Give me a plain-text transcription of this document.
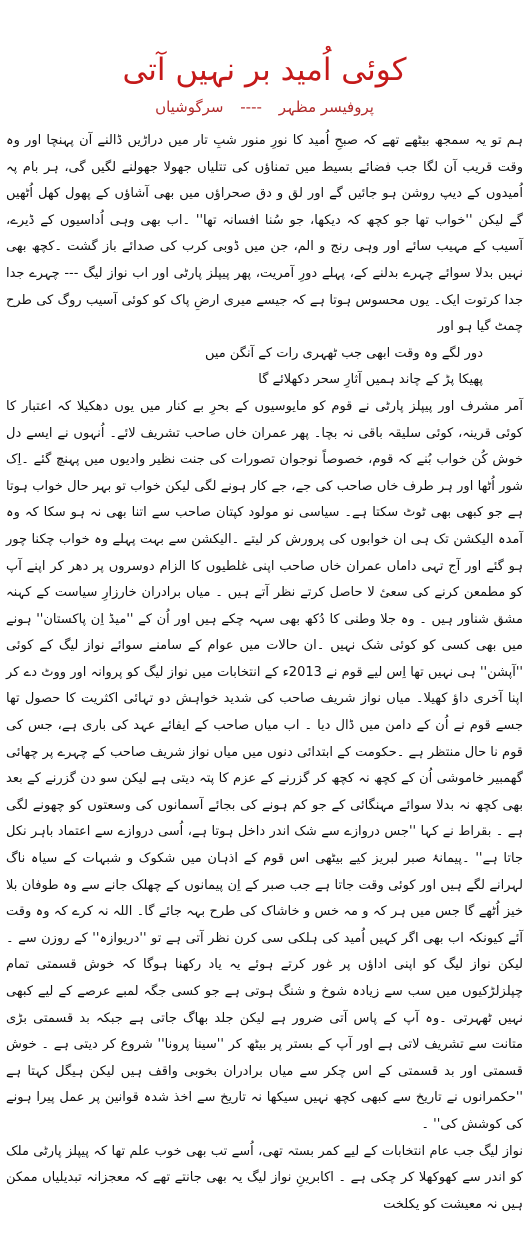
کوئی اُمید بر نہیں آتی
پروفیسر مظہر ---- سرگوشیاں

ہم تو یہ سمجھ بیٹھے تھے کہ صبحِ اُمید کا نورِ منور شبِ تار میں دراڑیں ڈالنے آن پہنچا اور وہ وقت قریب آن لگا جب فضائے بسیط میں تمناؤں کی تتلیاں جھولا جھولنے لگیں گی، ہر بام پہ اُمیدوں کے دیپ روشن ہو جائیں گے اور لق و دق صحراؤں میں بھی آشاؤں کے پھول کھل اُٹھیں گے لیکن ''خواب تھا جو کچھ کہ دیکھا، جو سُنا افسانہ تھا'' ۔اب بھی وہی اُداسیوں کے ڈیرے، آسیب کے مہیب سائے اور وہی رنج و الم، جن میں ڈوبی کرب کی صدائے باز گشت ۔کچھ بھی نہیں بدلا سوائے چہرے بدلنے کے، پہلے دورِ آمریت، پھر پیپلز پارٹی اور اب نواز لیگ --- چہرے جدا جدا کرتوت ایک۔ یوں محسوس ہوتا ہے کہ جیسے میری ارضِ پاک کو کوئی آسیب روگ کی طرح چمٹ گیا ہو اور

دور لگے وہ وقت ابھی جب ٹھہری رات کے آنگن میں

پھیکا پڑ کے چاند ہمیں آثارِ سحر دکھلائے گا

آمر مشرف اور پیپلز پارٹی نے قوم کو مایوسیوں کے بحرِ بے کنار میں یوں دھکیلا کہ اعتبار کا کوئی قرینہ، کوئی سلیقہ باقی نہ بچا۔ پھر عمران خاں صاحب تشریف لائے۔ اُنہوں نے ایسے دل خوش کُن خواب بُنے کہ قوم، خصوصاً نوجوان تصورات کی جنت نظیر وادیوں میں پہنچ گئے ۔اِک شور اُٹھا اور ہر طرف خاں صاحب کی جے، جے کار ہونے لگی لیکن خواب تو بہر حال خواب ہوتا ہے جو کبھی بھی ٹوٹ سکتا ہے۔ سیاسی نو مولود کپتان صاحب سے اتنا بھی نہ ہو سکا کہ وہ آمدہ الیکشن تک ہی ان خوابوں کی پرورش کر لیتے ۔الیکشن سے بہت پہلے وہ خواب چکنا چور ہو گئے اور آج تہی داماں عمران خاں صاحب اپنی غلطیوں کا الزام دوسروں پر دھر کر اپنے آپ کو مطمعن کرنے کی سعیٔ لا حاصل کرتے نظر آتے ہیں ۔ میاں برادران خارزارِ سیاست کے کہنہ مشق شناور ہیں ۔ وہ جلا وطنی کا دُکھ بھی سہہ چکے ہیں اور اُن کے ''میڈ اِن پاکستان'' ہونے میں بھی کسی کو کوئی شک نہیں ۔ان حالات میں عوام کے سامنے سوائے نواز لیگ کے کوئی ''آپشن'' ہی نہیں تھا اِس لیے قوم نے 2013ء کے انتخابات میں نواز لیگ کو پروانہ اور ووٹ دے کر اپنا آخری داؤ کھیلا۔ میاں نواز شریف صاحب کی شدید خواہش دو تہائی اکثریت کا حصول تھا جسے قوم نے اُن کے دامن میں ڈال دیا ۔ اب میاں صاحب کے ایفائے عہد کی باری ہے، جس کی قوم نا حال منتظر ہے ۔حکومت کے ابتدائی دنوں میں میاں نواز شریف صاحب کے چہرے پر چھائی گھمبیر خاموشی اُن کے کچھ نہ کچھ کر گزرنے کے عزم کا پتہ دیتی ہے لیکن سو دن گزرنے کے بعد بھی کچھ نہ بدلا سوائے مہنگائی کے جو کم ہونے کی بجائے آسمانوں کی وسعتوں کو چھونے لگی ہے ۔ بقراط نے کہا ''جس دروازے سے شک اندر داخل ہوتا ہے، اُسی دروازے سے اعتماد باہر نکل جاتا ہے'' ۔پیمانۂ صبر لبریز کیے بیٹھی اس قوم کے اذہان میں شکوک و شبہات کے سیاہ ناگ لہرانے لگے ہیں اور کوئی وقت جاتا ہے جب صبر کے اِن پیمانوں کے چھلک جانے سے وہ طوفان بلا خیز اُٹھے گا جس میں ہر کہ و مہ خس و خاشاک کی طرح بہہ جائے گا۔ اللہ نہ کرے کہ وہ وقت آئے کیونکہ اب بھی اگر کہیں اُمید کی ہلکی سی کرن نظر آتی ہے تو ''دریوازہ'' کے روزن سے ۔لیکن نواز لیگ کو اپنی اداؤں پر غور کرتے ہوئے یہ یاد رکھنا ہوگا کہ خوش قسمتی تمام چپلزلڑکیوں میں سب سے زیادہ شوخ و شنگ ہوتی ہے جو کسی جگہ لمبے عرصے کے لیے کبھی نہیں ٹھہرتی ۔وہ آپ کے پاس آتی ضرور ہے لیکن جلد بھاگ جاتی ہے جبکہ بد قسمتی بڑی متانت سے تشریف لاتی ہے اور آپ کے بستر پر بیٹھ کر ''سینا پرونا'' شروع کر دیتی ہے ۔ خوش قسمتی اور بد قسمتی کے اس چکر سے میاں برادران بخوبی واقف ہیں لیکن ہیگل کہتا ہے ''حکمرانوں نے تاریخ سے کبھی کچھ نہیں سیکھا نہ تاریخ سے اخذ شدہ قوانین پر عمل پیرا ہونے کی کوشش کی'' ۔

نواز لیگ جب عام انتخابات کے لیے کمر بستہ تھی، اُسے تب بھی خوب علم تھا کہ پیپلز پارٹی ملک کو اندر سے کھوکھلا کر چکی ہے ۔ اکابرینِ نواز لیگ یہ بھی جانتے تھے کہ معجزانہ تبدیلیاں ممکن ہیں نہ معیشت کو یکلخت
